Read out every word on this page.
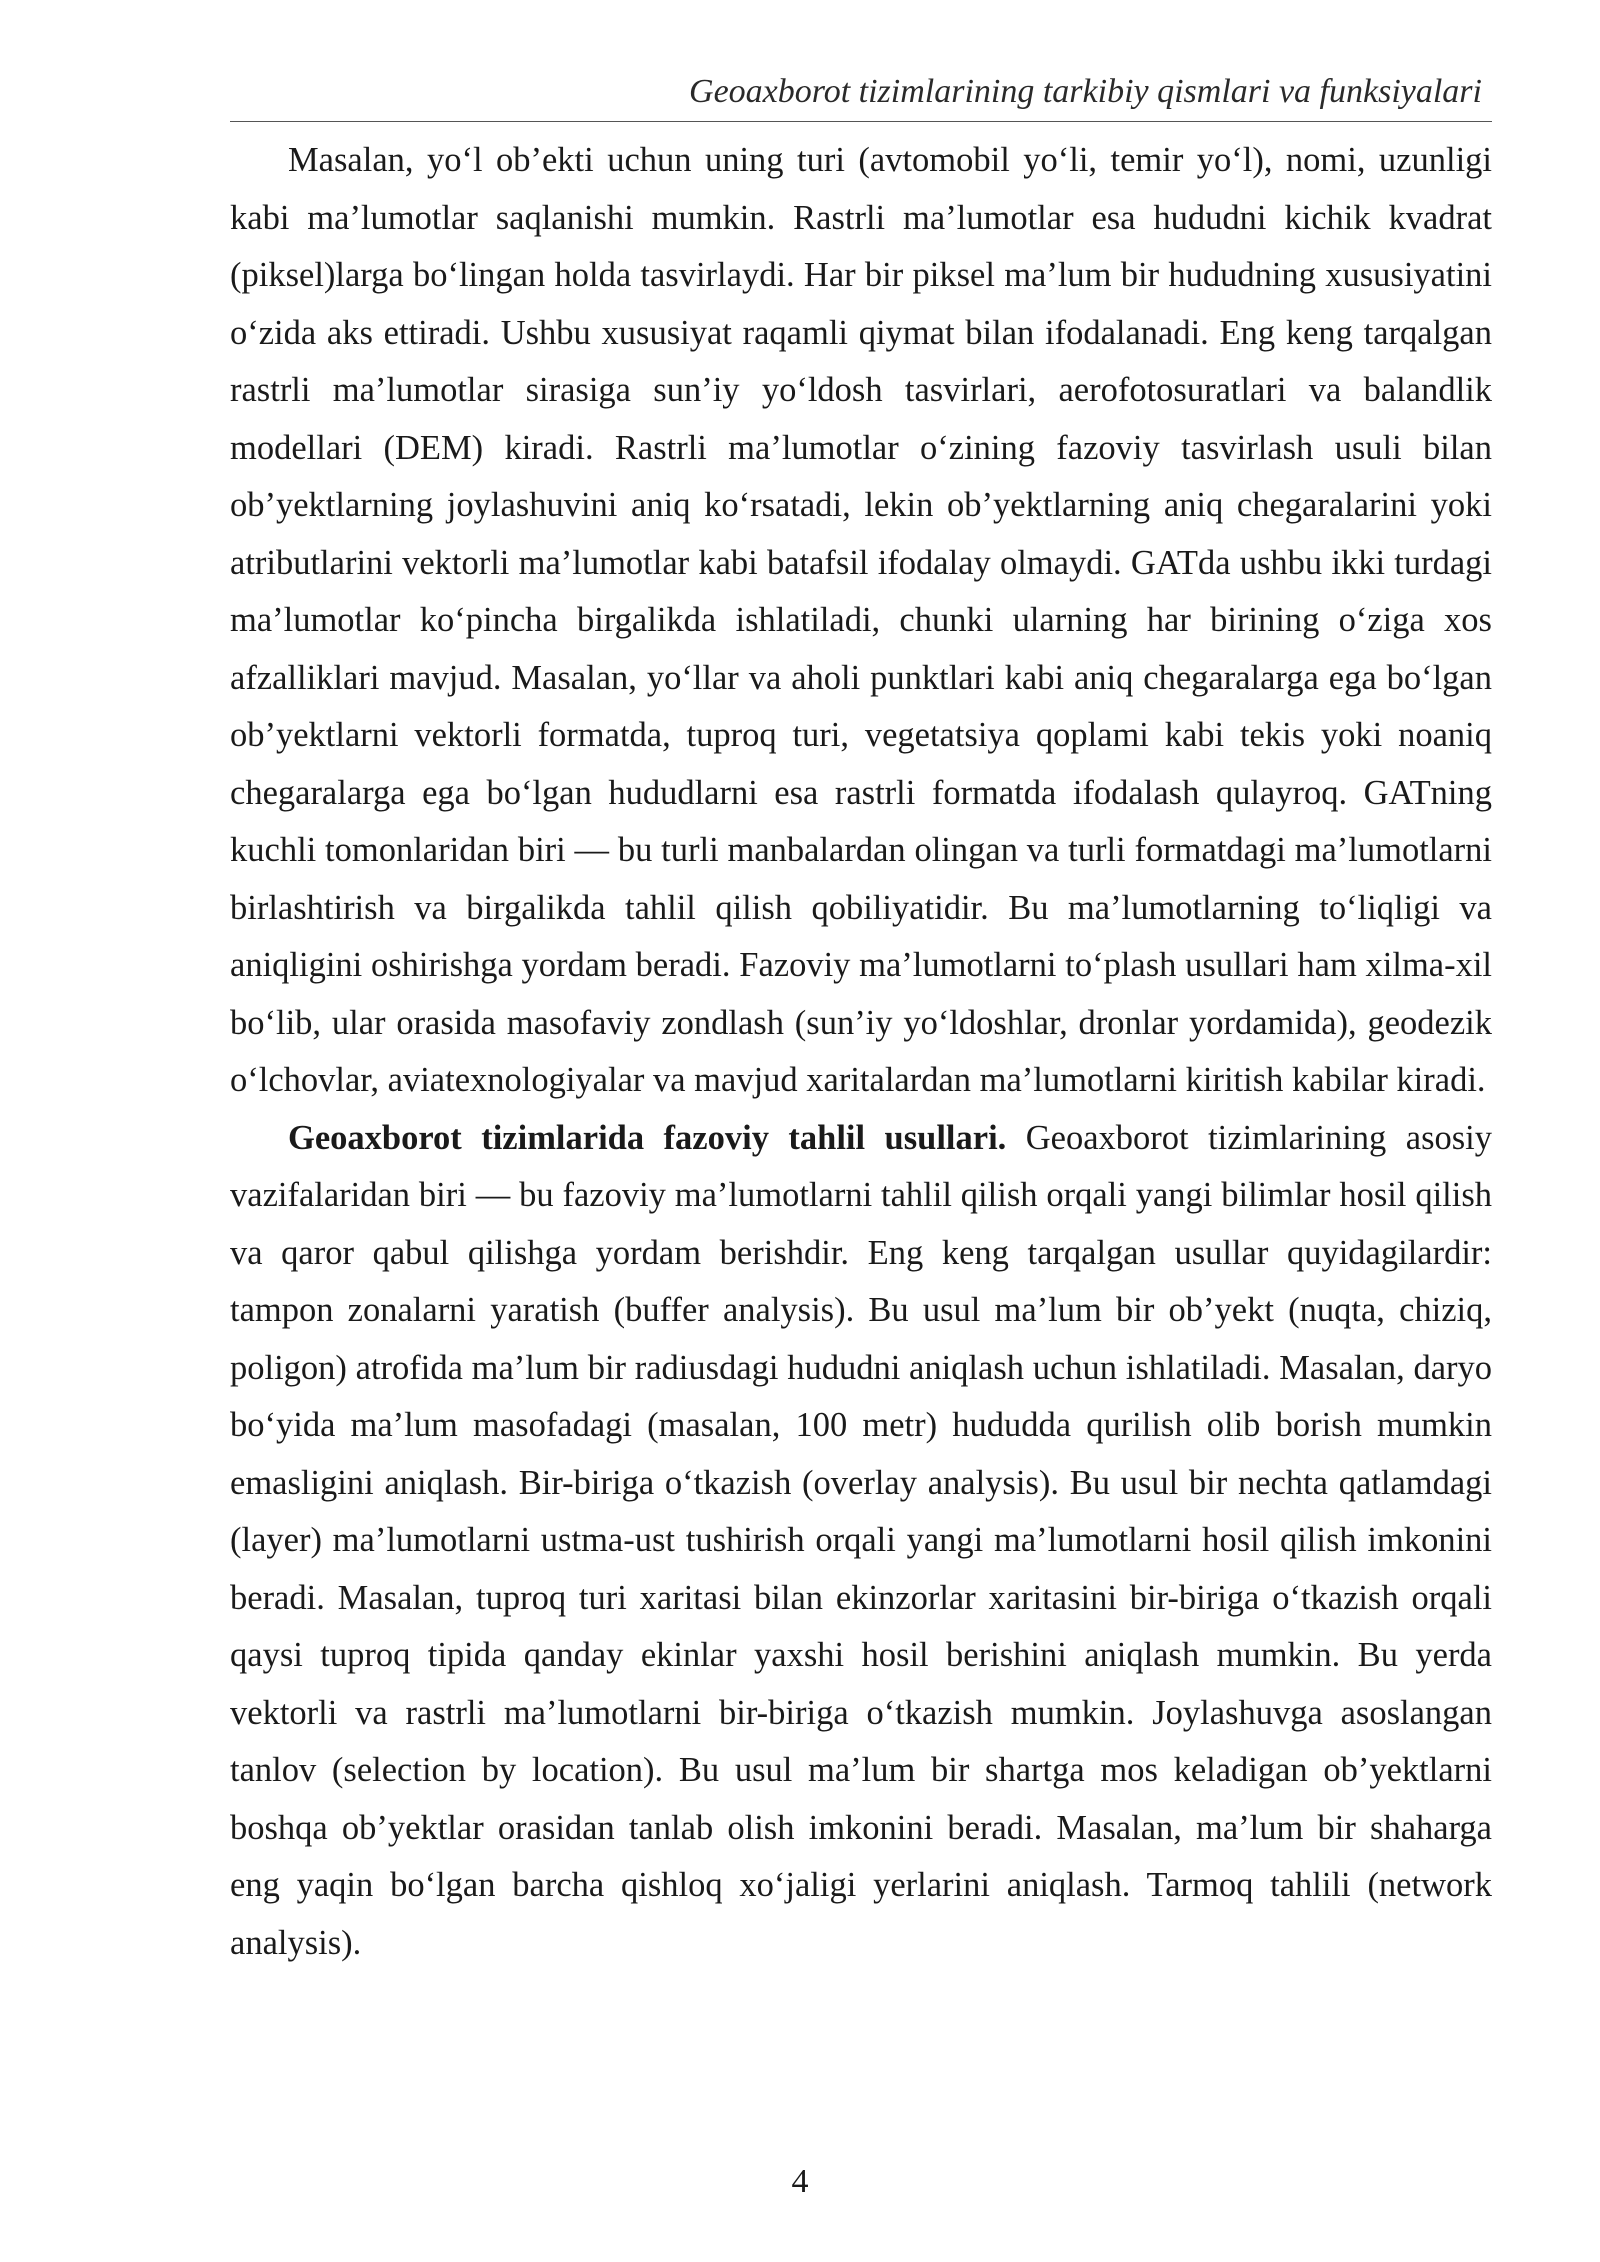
Geoaxborot tizimlarining tarkibiy qismlari va funksiyalari

Masalan, yo‘l ob’ekti uchun uning turi (avtomobil yo‘li, temir yo‘l), nomi, uzunligi kabi ma’lumotlar saqlanishi mumkin. Rastrli ma’lumotlar esa hududni kichik kvadrat (piksel)larga bo‘lingan holda tasvirlaydi. Har bir piksel ma’lum bir hududning xususiyatini o‘zida aks ettiradi. Ushbu xususiyat raqamli qiymat bilan ifodalanadi. Eng keng tarqalgan rastrli ma’lumotlar sirasiga sun’iy yo‘ldosh tasvirlari, aerofotosuratlari va balandlik modellari (DEM) kiradi. Rastrli ma’lumotlar o‘zining fazoviy tasvirlash usuli bilan ob’yektlarning joylashuvini aniq ko‘rsatadi, lekin ob’yektlarning aniq chegaralarini yoki atributlarini vektorli ma’lumotlar kabi batafsil ifodalay olmaydi. GATda ushbu ikki turdagi ma’lumotlar ko‘pincha birgalikda ishlatiladi, chunki ularning har birining o‘ziga xos afzalliklari mavjud. Masalan, yo‘llar va aholi punktlari kabi aniq chegaralarga ega bo‘lgan ob’yektlarni vektorli formatda, tuproq turi, vegetatsiya qoplami kabi tekis yoki noaniq chegaralarga ega bo‘lgan hududlarni esa rastrli formatda ifodalash qulayroq. GATning kuchli tomonlaridan biri — bu turli manbalardan olingan va turli formatdagi ma’lumotlarni birlashtirish va birgalikda tahlil qilish qobiliyatidir. Bu ma’lumotlarning to‘liqligi va aniqligini oshirishga yordam beradi. Fazoviy ma’lumotlarni to‘plash usullari ham xilma-xil bo‘lib, ular orasida masofaviy zondlash (sun’iy yo‘ldoshlar, dronlar yordamida), geodezik o‘lchovlar, aviatexnologiyalar va mavjud xaritalardan ma’lumotlarni kiritish kabilar kiradi.

Geoaxborot tizimlarida fazoviy tahlil usullari. Geoaxborot tizimlarining asosiy vazifalaridan biri — bu fazoviy ma’lumotlarni tahlil qilish orqali yangi bilimlar hosil qilish va qaror qabul qilishga yordam berishdir. Eng keng tarqalgan usullar quyidagilardir: tampon zonalarni yaratish (buffer analysis). Bu usul ma’lum bir ob’yekt (nuqta, chiziq, poligon) atrofida ma’lum bir radiusdagi hududni aniqlash uchun ishlatiladi. Masalan, daryo bo‘yida ma’lum masofadagi (masalan, 100 metr) hududda qurilish olib borish mumkin emasligini aniqlash. Bir-biriga o‘tkazish (overlay analysis). Bu usul bir nechta qatlamdagi (layer) ma’lumotlarni ustma-ust tushirish orqali yangi ma’lumotlarni hosil qilish imkonini beradi. Masalan, tuproq turi xaritasi bilan ekinzorlar xaritasini bir-biriga o‘tkazish orqali qaysi tuproq tipida qanday ekinlar yaxshi hosil berishini aniqlash mumkin. Bu yerda vektorli va rastrli ma’lumotlarni bir-biriga o‘tkazish mumkin. Joylashuvga asoslangan tanlov (selection by location). Bu usul ma’lum bir shartga mos keladigan ob’yektlarni boshqa ob’yektlar orasidan tanlab olish imkonini beradi. Masalan, ma’lum bir shaharga eng yaqin bo‘lgan barcha qishloq xo‘jaligi yerlarini aniqlash. Tarmoq tahlili (network analysis).

4
